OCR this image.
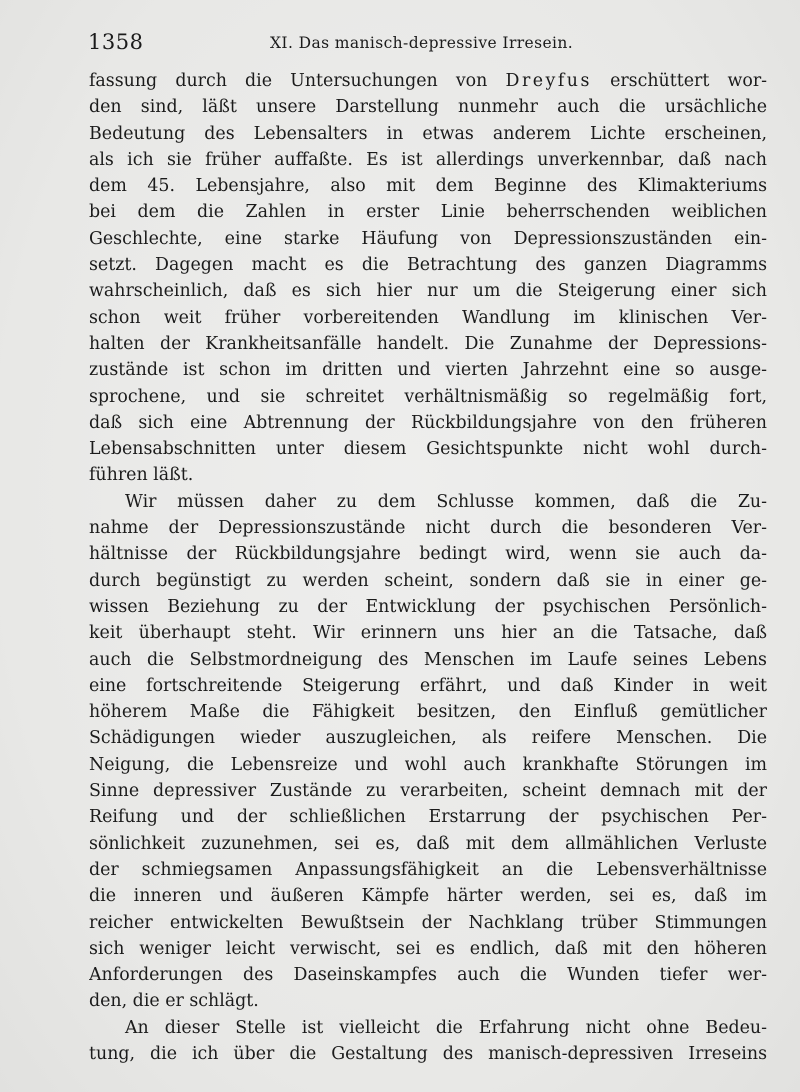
1358	XI. Das manisch-depressive Irresein.
fassung durch die Untersuchungen von Dreyfus erschüttert wor-
den sind, läßt unsere Darstellung nunmehr auch die ursächliche
Bedeutung des Lebensalters in etwas anderem Lichte erscheinen,
als ich sie früher auffaßte. Es ist allerdings unverkennbar, daß nach
dem 45. Lebensjahre, also mit dem Beginne des Klimakteriums
bei dem die Zahlen in erster Linie beherrschenden weiblichen
Geschlechte, eine starke Häufung von Depressionszuständen ein-
setzt. Dagegen macht es die Betrachtung des ganzen Diagramms
wahrscheinlich, daß es sich hier nur um die Steigerung einer sich
schon weit früher vorbereitenden Wandlung im klinischen Ver-
halten der Krankheitsanfälle handelt. Die Zunahme der Depressions-
zustände ist schon im dritten und vierten Jahrzehnt eine so ausge-
sprochene, und sie schreitet verhältnismäßig so regelmäßig fort,
daß sich eine Abtrennung der Rückbildungsjahre von den früheren
Lebensabschnitten unter diesem Gesichtspunkte nicht wohl durch-
führen läßt.
Wir müssen daher zu dem Schlusse kommen, daß die Zu-
nahme der Depressionszustände nicht durch die besonderen Ver-
hältnisse der Rückbildungsjahre bedingt wird, wenn sie auch da-
durch begünstigt zu werden scheint, sondern daß sie in einer ge-
wissen Beziehung zu der Entwicklung der psychischen Persönlich-
keit überhaupt steht. Wir erinnern uns hier an die Tatsache, daß
auch die Selbstmordneigung des Menschen im Laufe seines Lebens
eine fortschreitende Steigerung erfährt, und daß Kinder in weit
höherem Maße die Fähigkeit besitzen, den Einfluß gemütlicher
Schädigungen wieder auszugleichen, als reifere Menschen. Die
Neigung, die Lebensreize und wohl auch krankhafte Störungen im
Sinne depressiver Zustände zu verarbeiten, scheint demnach mit der
Reifung und der schließlichen Erstarrung der psychischen Per-
sönlichkeit zuzunehmen, sei es, daß mit dem allmählichen Verluste
der schmiegsamen Anpassungsfähigkeit an die Lebensverhältnisse
die inneren und äußeren Kämpfe härter werden, sei es, daß im
reicher entwickelten Bewußtsein der Nachklang trüber Stimmungen
sich weniger leicht verwischt, sei es endlich, daß mit den höheren
Anforderungen des Daseinskampfes auch die Wunden tiefer wer-
den, die er schlägt.
An dieser Stelle ist vielleicht die Erfahrung nicht ohne Bedeu-
tung, die ich über die Gestaltung des manisch-depressiven Irreseins
